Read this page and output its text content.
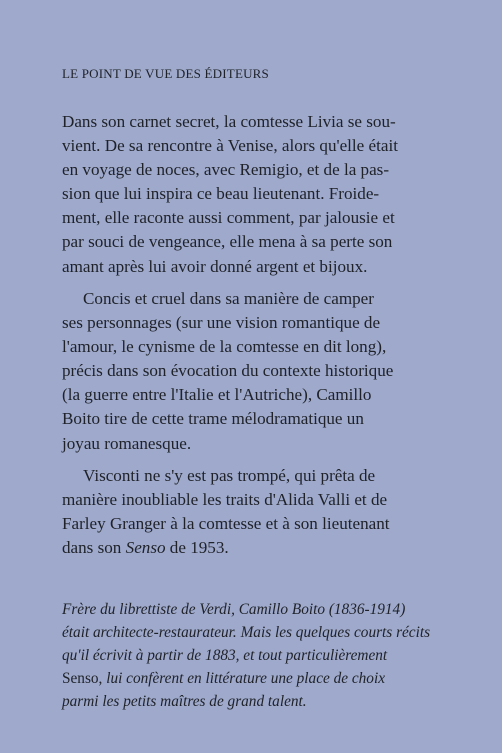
LE POINT DE VUE DES ÉDITEURS
Dans son carnet secret, la comtesse Livia se sou-
vient. De sa rencontre à Venise, alors qu'elle était
en voyage de noces, avec Remigio, et de la pas-
sion que lui inspira ce beau lieutenant. Froide-
ment, elle raconte aussi comment, par jalousie et
par souci de vengeance, elle mena à sa perte son
amant après lui avoir donné argent et bijoux.
Concis et cruel dans sa manière de camper
ses personnages (sur une vision romantique de
l'amour, le cynisme de la comtesse en dit long),
précis dans son évocation du contexte historique
(la guerre entre l'Italie et l'Autriche), Camillo
Boito tire de cette trame mélodramatique un
joyau romanesque.
Visconti ne s'y est pas trompé, qui prêta de
manière inoubliable les traits d'Alida Valli et de
Farley Granger à la comtesse et à son lieutenant
dans son Senso de 1953.
Frère du librettiste de Verdi, Camillo Boito (1836-1914)
était architecte-restaurateur. Mais les quelques courts récits
qu'il écrivit à partir de 1883, et tout particulièrement
Senso, lui confèrent en littérature une place de choix
parmi les petits maîtres de grand talent.
